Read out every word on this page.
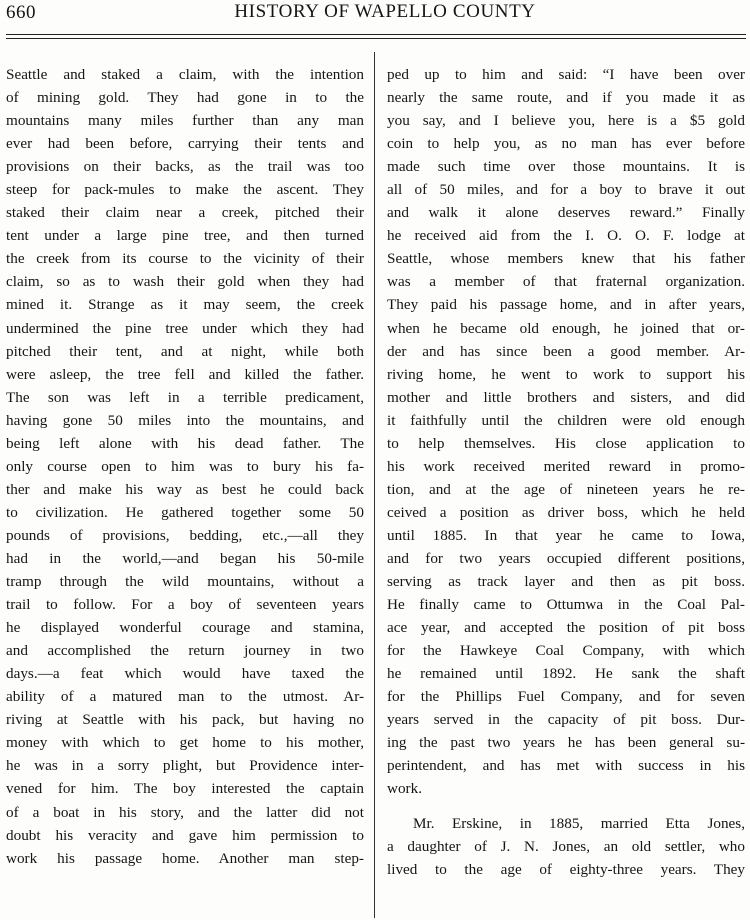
660	HISTORY OF WAPELLO COUNTY
Seattle and staked a claim, with the intention
of mining gold. They had gone in to the
mountains many miles further than any man
ever had been before, carrying their tents and
provisions on their backs, as the trail was too
steep for pack-mules to make the ascent. They
staked their claim near a creek, pitched their
tent under a large pine tree, and then turned
the creek from its course to the vicinity of their
claim, so as to wash their gold when they had
mined it. Strange as it may seem, the creek
undermined the pine tree under which they had
pitched their tent, and at night, while both
were asleep, the tree fell and killed the father.
The son was left in a terrible predicament,
having gone 50 miles into the mountains, and
being left alone with his dead father. The
only course open to him was to bury his fa-
ther and make his way as best he could back
to civilization. He gathered together some 50
pounds of provisions, bedding, etc.,—all they
had in the world,—and began his 50-mile
tramp through the wild mountains, without a
trail to follow. For a boy of seventeen years
he displayed wonderful courage and stamina,
and accomplished the return journey in two
days.—a feat which would have taxed the
ability of a matured man to the utmost. Ar-
riving at Seattle with his pack, but having no
money with which to get home to his mother,
he was in a sorry plight, but Providence inter-
vened for him. The boy interested the captain
of a boat in his story, and the latter did not
doubt his veracity and gave him permission to
work his passage home. Another man step-
ped up to him and said: “I have been over
nearly the same route, and if you made it as
you say, and I believe you, here is a $5 gold
coin to help you, as no man has ever before
made such time over those mountains. It is
all of 50 miles, and for a boy to brave it out
and walk it alone deserves reward.” Finally
he received aid from the I. O. O. F. lodge at
Seattle, whose members knew that his father
was a member of that fraternal organization.
They paid his passage home, and in after years,
when he became old enough, he joined that or-
der and has since been a good member. Ar-
riving home, he went to work to support his
mother and little brothers and sisters, and did
it faithfully until the children were old enough
to help themselves. His close application to
his work received merited reward in promo-
tion, and at the age of nineteen years he re-
ceived a position as driver boss, which he held
until 1885. In that year he came to Iowa,
and for two years occupied different positions,
serving as track layer and then as pit boss.
He finally came to Ottumwa in the Coal Pal-
ace year, and accepted the position of pit boss
for the Hawkeye Coal Company, with which
he remained until 1892. He sank the shaft
for the Phillips Fuel Company, and for seven
years served in the capacity of pit boss. Dur-
ing the past two years he has been general su-
perintendent, and has met with success in his
work.
Mr. Erskine, in 1885, married Etta Jones,
a daughter of J. N. Jones, an old settler, who
lived to the age of eighty-three years. They
